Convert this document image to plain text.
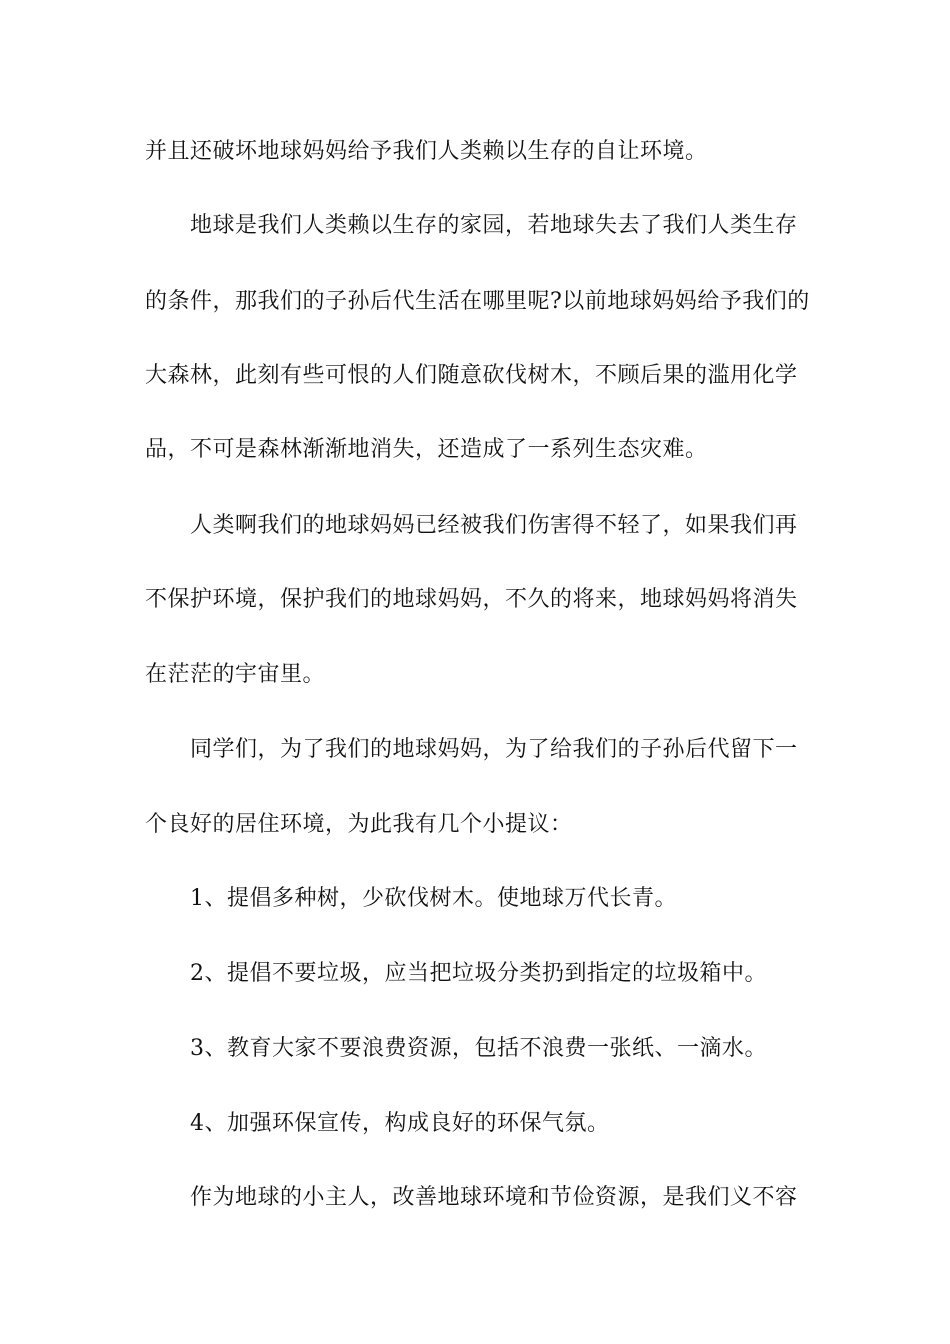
并且还破坏地球妈妈给予我们人类赖以生存的自让环境。
地球是我们人类赖以生存的家园，若地球失去了我们人类生存
的条件，那我们的子孙后代生活在哪里呢?以前地球妈妈给予我们的
大森林，此刻有些可恨的人们随意砍伐树木，不顾后果的滥用化学
品，不可是森林渐渐地消失，还造成了一系列生态灾难。
人类啊我们的地球妈妈已经被我们伤害得不轻了，如果我们再
不保护环境，保护我们的地球妈妈，不久的将来，地球妈妈将消失
在茫茫的宇宙里。
同学们，为了我们的地球妈妈，为了给我们的子孙后代留下一
个良好的居住环境，为此我有几个小提议：
1、提倡多种树，少砍伐树木。使地球万代长青。
2、提倡不要垃圾，应当把垃圾分类扔到指定的垃圾箱中。
3、教育大家不要浪费资源，包括不浪费一张纸、一滴水。
4、加强环保宣传，构成良好的环保气氛。
作为地球的小主人，改善地球环境和节俭资源，是我们义不容
